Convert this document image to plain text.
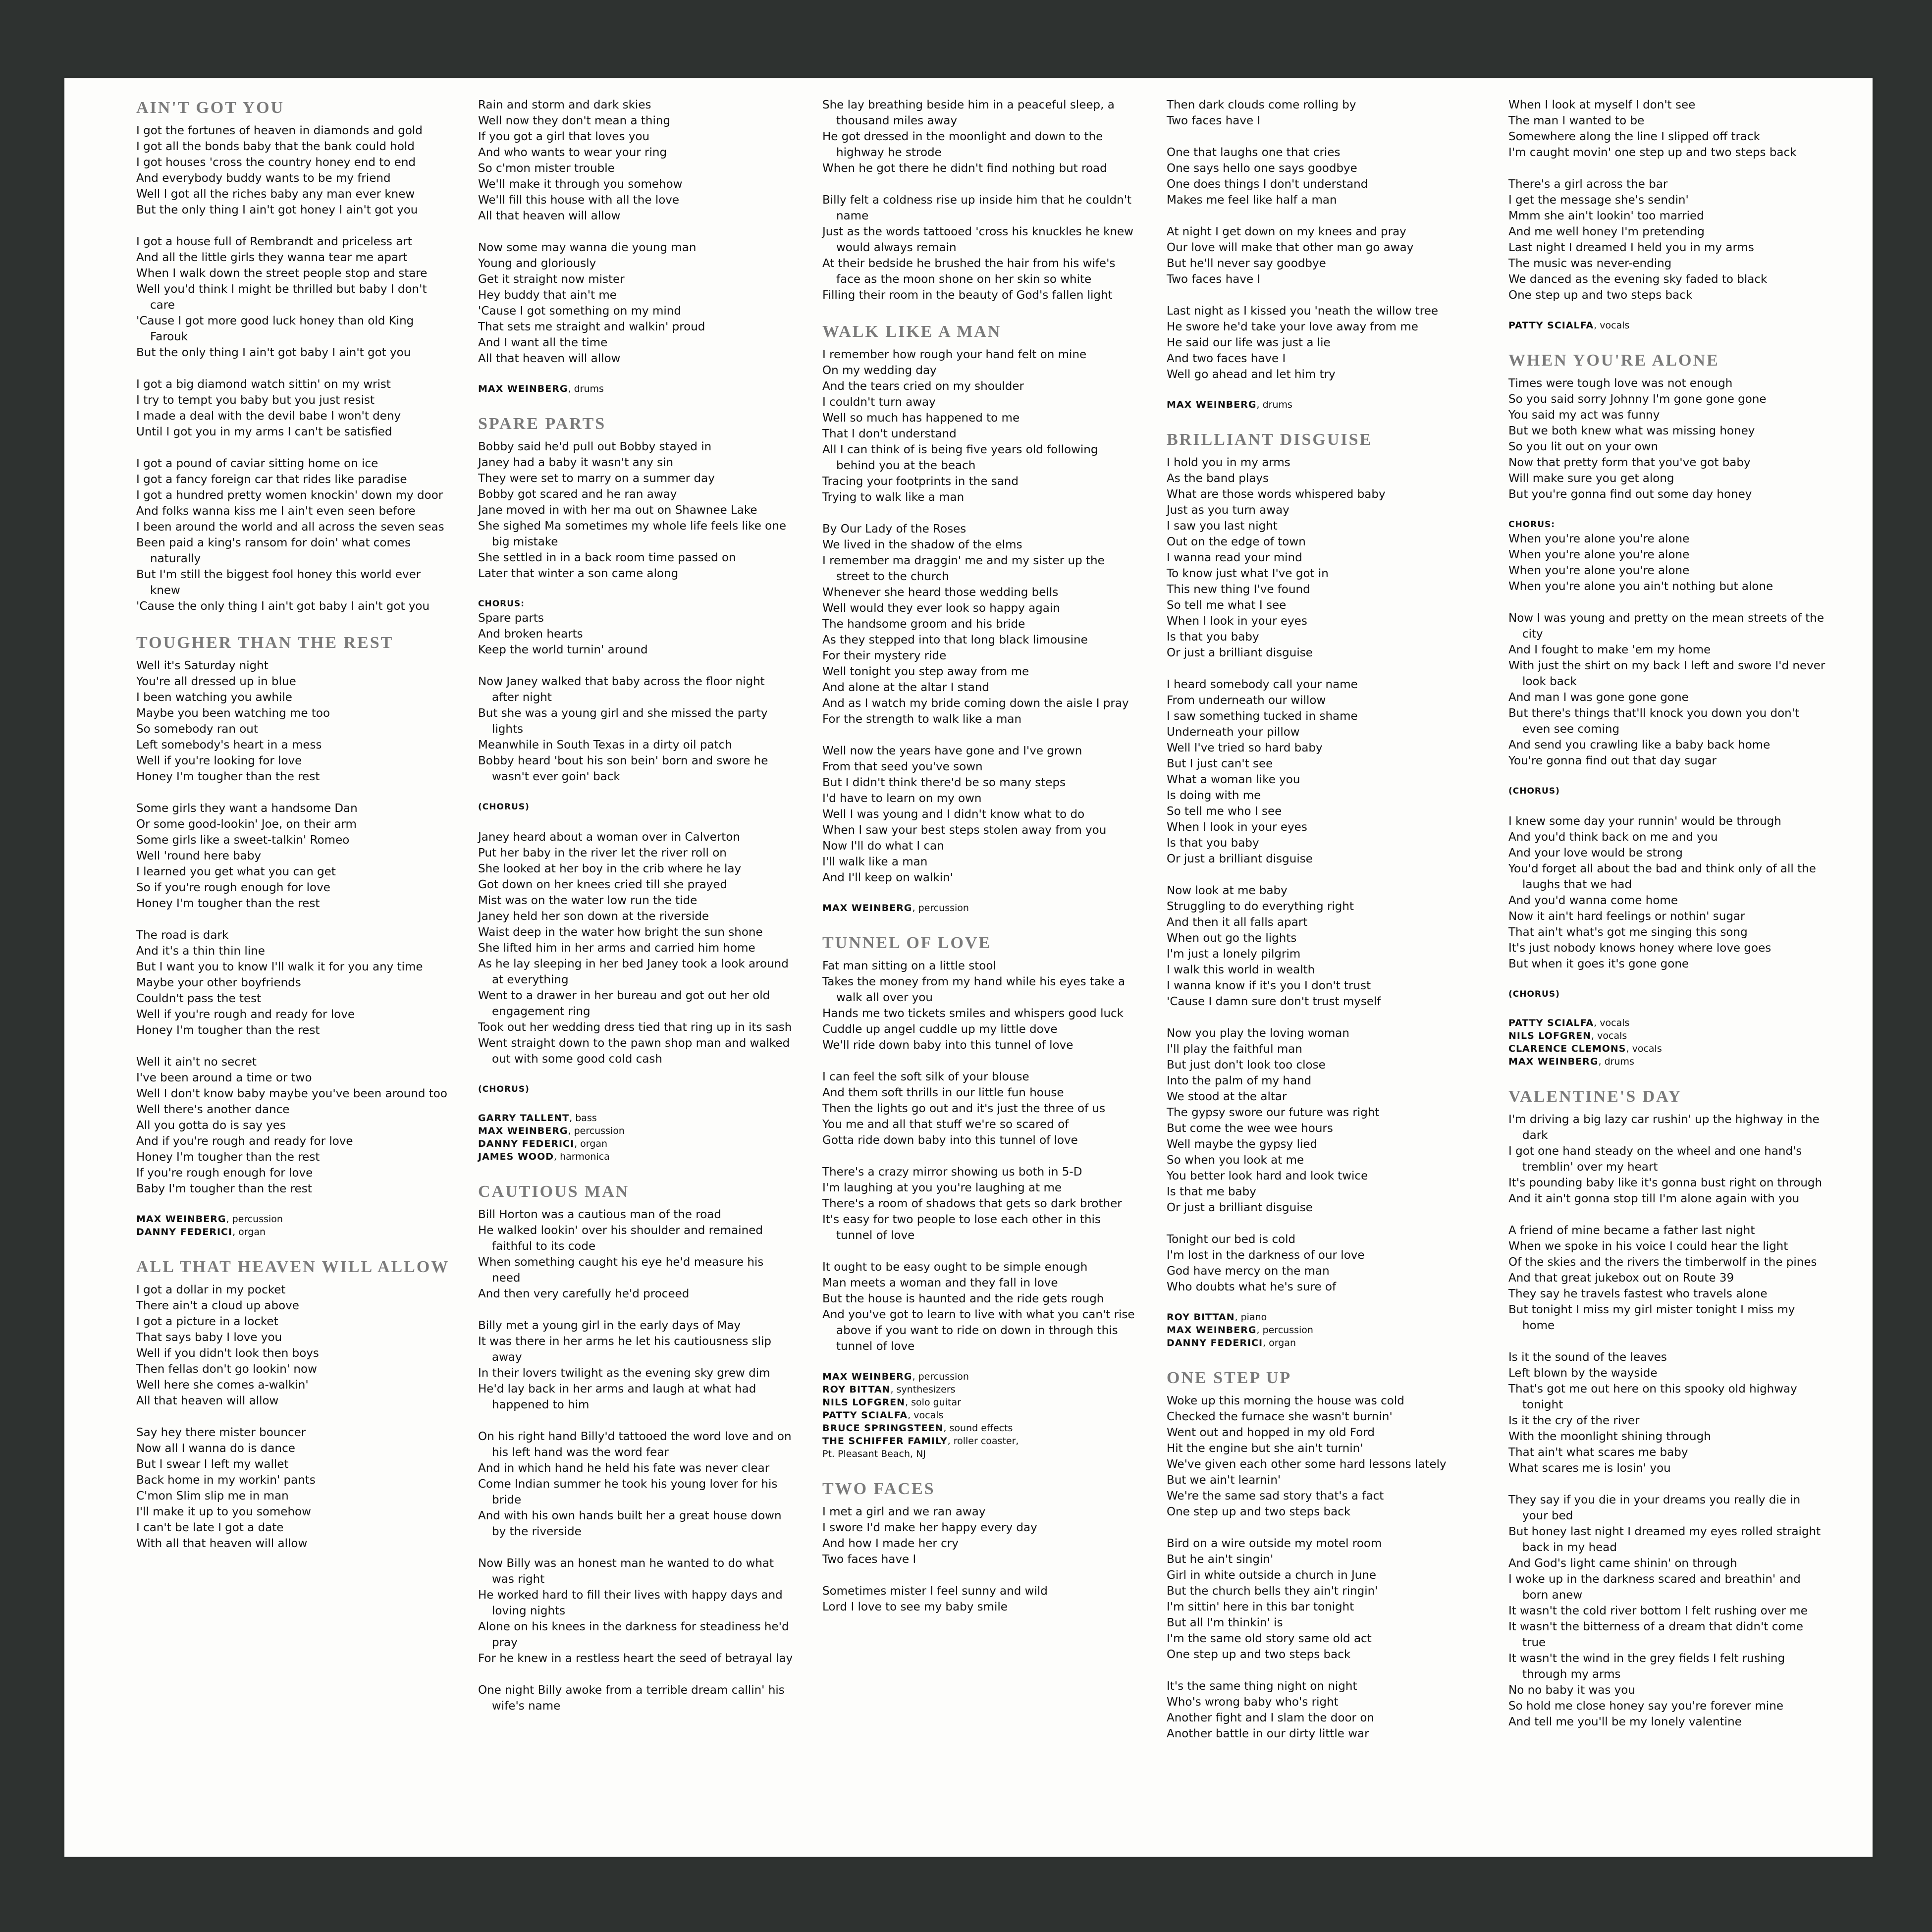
AIN'T GOT YOU
I got the fortunes of heaven in diamonds and gold
I got all the bonds baby that the bank could hold
I got houses 'cross the country honey end to end
And everybody buddy wants to be my friend
Well I got all the riches baby any man ever knew
But the only thing I ain't got honey I ain't got you
I got a house full of Rembrandt and priceless art
And all the little girls they wanna tear me apart
When I walk down the street people stop and stare
Well you'd think I might be thrilled but baby I don't care
'Cause I got more good luck honey than old King Farouk
But the only thing I ain't got baby I ain't got you
I got a big diamond watch sittin' on my wrist
I try to tempt you baby but you just resist
I made a deal with the devil babe I won't deny
Until I got you in my arms I can't be satisfied
I got a pound of caviar sitting home on ice
I got a fancy foreign car that rides like paradise
I got a hundred pretty women knockin' down my door
And folks wanna kiss me I ain't even seen before
I been around the world and all across the seven seas
Been paid a king's ransom for doin' what comes naturally
But I'm still the biggest fool honey this world ever knew
'Cause the only thing I ain't got baby I ain't got you
TOUGHER THAN THE REST
Well it's Saturday night
You're all dressed up in blue
I been watching you awhile
Maybe you been watching me too
So somebody ran out
Left somebody's heart in a mess
Well if you're looking for love
Honey I'm tougher than the rest
Some girls they want a handsome Dan
Or some good-lookin' Joe, on their arm
Some girls like a sweet-talkin' Romeo
Well 'round here baby
I learned you get what you can get
So if you're rough enough for love
Honey I'm tougher than the rest
The road is dark
And it's a thin thin line
But I want you to know I'll walk it for you any time
Maybe your other boyfriends
Couldn't pass the test
Well if you're rough and ready for love
Honey I'm tougher than the rest
Well it ain't no secret
I've been around a time or two
Well I don't know baby maybe you've been around too
Well there's another dance
All you gotta do is say yes
And if you're rough and ready for love
Honey I'm tougher than the rest
If you're rough enough for love
Baby I'm tougher than the rest
MAX WEINBERG, percussion
DANNY FEDERICI, organ
ALL THAT HEAVEN WILL ALLOW
I got a dollar in my pocket
There ain't a cloud up above
I got a picture in a locket
That says baby I love you
Well if you didn't look then boys
Then fellas don't go lookin' now
Well here she comes a-walkin'
All that heaven will allow
Say hey there mister bouncer
Now all I wanna do is dance
But I swear I left my wallet
Back home in my workin' pants
C'mon Slim slip me in man
I'll make it up to you somehow
I can't be late I got a date
With all that heaven will allow
Rain and storm and dark skies
Well now they don't mean a thing
If you got a girl that loves you
And who wants to wear your ring
So c'mon mister trouble
We'll make it through you somehow
We'll fill this house with all the love
All that heaven will allow
Now some may wanna die young man
Young and gloriously
Get it straight now mister
Hey buddy that ain't me
'Cause I got something on my mind
That sets me straight and walkin' proud
And I want all the time
All that heaven will allow
MAX WEINBERG, drums
SPARE PARTS
Bobby said he'd pull out Bobby stayed in
Janey had a baby it wasn't any sin
They were set to marry on a summer day
Bobby got scared and he ran away
Jane moved in with her ma out on Shawnee Lake
She sighed Ma sometimes my whole life feels like one big mistake
She settled in in a back room time passed on
Later that winter a son came along
CHORUS:
Spare parts
And broken hearts
Keep the world turnin' around
Now Janey walked that baby across the floor night after night
But she was a young girl and she missed the party lights
Meanwhile in South Texas in a dirty oil patch
Bobby heard 'bout his son bein' born and swore he wasn't ever goin' back
(CHORUS)
Janey heard about a woman over in Calverton
Put her baby in the river let the river roll on
She looked at her boy in the crib where he lay
Got down on her knees cried till she prayed
Mist was on the water low run the tide
Janey held her son down at the riverside
Waist deep in the water how bright the sun shone
She lifted him in her arms and carried him home
As he lay sleeping in her bed Janey took a look around at everything
Went to a drawer in her bureau and got out her old engagement ring
Took out her wedding dress tied that ring up in its sash
Went straight down to the pawn shop man and walked out with some good cold cash
(CHORUS)
GARRY TALLENT, bass
MAX WEINBERG, percussion
DANNY FEDERICI, organ
JAMES WOOD, harmonica
CAUTIOUS MAN
Bill Horton was a cautious man of the road
He walked lookin' over his shoulder and remained faithful to its code
When something caught his eye he'd measure his need
And then very carefully he'd proceed
Billy met a young girl in the early days of May
It was there in her arms he let his cautiousness slip away
In their lovers twilight as the evening sky grew dim
He'd lay back in her arms and laugh at what had happened to him
On his right hand Billy'd tattooed the word love and on his left hand was the word fear
And in which hand he held his fate was never clear
Come Indian summer he took his young lover for his bride
And with his own hands built her a great house down by the riverside
Now Billy was an honest man he wanted to do what was right
He worked hard to fill their lives with happy days and loving nights
Alone on his knees in the darkness for steadiness he'd pray
For he knew in a restless heart the seed of betrayal lay
One night Billy awoke from a terrible dream callin' his wife's name
She lay breathing beside him in a peaceful sleep, a thousand miles away
He got dressed in the moonlight and down to the highway he strode
When he got there he didn't find nothing but road
Billy felt a coldness rise up inside him that he couldn't name
Just as the words tattooed 'cross his knuckles he knew would always remain
At their bedside he brushed the hair from his wife's face as the moon shone on her skin so white
Filling their room in the beauty of God's fallen light
WALK LIKE A MAN
I remember how rough your hand felt on mine
On my wedding day
And the tears cried on my shoulder
I couldn't turn away
Well so much has happened to me
That I don't understand
All I can think of is being five years old following behind you at the beach
Tracing your footprints in the sand
Trying to walk like a man
By Our Lady of the Roses
We lived in the shadow of the elms
I remember ma draggin' me and my sister up the street to the church
Whenever she heard those wedding bells
Well would they ever look so happy again
The handsome groom and his bride
As they stepped into that long black limousine
For their mystery ride
Well tonight you step away from me
And alone at the altar I stand
And as I watch my bride coming down the aisle I pray
For the strength to walk like a man
Well now the years have gone and I've grown
From that seed you've sown
But I didn't think there'd be so many steps
I'd have to learn on my own
Well I was young and I didn't know what to do
When I saw your best steps stolen away from you
Now I'll do what I can
I'll walk like a man
And I'll keep on walkin'
MAX WEINBERG, percussion
TUNNEL OF LOVE
Fat man sitting on a little stool
Takes the money from my hand while his eyes take a walk all over you
Hands me two tickets smiles and whispers good luck
Cuddle up angel cuddle up my little dove
We'll ride down baby into this tunnel of love
I can feel the soft silk of your blouse
And them soft thrills in our little fun house
Then the lights go out and it's just the three of us
You me and all that stuff we're so scared of
Gotta ride down baby into this tunnel of love
There's a crazy mirror showing us both in 5-D
I'm laughing at you you're laughing at me
There's a room of shadows that gets so dark brother
It's easy for two people to lose each other in this tunnel of love
It ought to be easy ought to be simple enough
Man meets a woman and they fall in love
But the house is haunted and the ride gets rough
And you've got to learn to live with what you can't rise above if you want to ride on down in through this tunnel of love
MAX WEINBERG, percussion
ROY BITTAN, synthesizers
NILS LOFGREN, solo guitar
PATTY SCIALFA, vocals
BRUCE SPRINGSTEEN, sound effects
THE SCHIFFER FAMILY, roller coaster,
Pt. Pleasant Beach, NJ
TWO FACES
I met a girl and we ran away
I swore I'd make her happy every day
And how I made her cry
Two faces have I
Sometimes mister I feel sunny and wild
Lord I love to see my baby smile
Then dark clouds come rolling by
Two faces have I
One that laughs one that cries
One says hello one says goodbye
One does things I don't understand
Makes me feel like half a man
At night I get down on my knees and pray
Our love will make that other man go away
But he'll never say goodbye
Two faces have I
Last night as I kissed you 'neath the willow tree
He swore he'd take your love away from me
He said our life was just a lie
And two faces have I
Well go ahead and let him try
MAX WEINBERG, drums
BRILLIANT DISGUISE
I hold you in my arms
As the band plays
What are those words whispered baby
Just as you turn away
I saw you last night
Out on the edge of town
I wanna read your mind
To know just what I've got in
This new thing I've found
So tell me what I see
When I look in your eyes
Is that you baby
Or just a brilliant disguise
I heard somebody call your name
From underneath our willow
I saw something tucked in shame
Underneath your pillow
Well I've tried so hard baby
But I just can't see
What a woman like you
Is doing with me
So tell me who I see
When I look in your eyes
Is that you baby
Or just a brilliant disguise
Now look at me baby
Struggling to do everything right
And then it all falls apart
When out go the lights
I'm just a lonely pilgrim
I walk this world in wealth
I wanna know if it's you I don't trust
'Cause I damn sure don't trust myself
Now you play the loving woman
I'll play the faithful man
But just don't look too close
Into the palm of my hand
We stood at the altar
The gypsy swore our future was right
But come the wee wee hours
Well maybe the gypsy lied
So when you look at me
You better look hard and look twice
Is that me baby
Or just a brilliant disguise
Tonight our bed is cold
I'm lost in the darkness of our love
God have mercy on the man
Who doubts what he's sure of
ROY BITTAN, piano
MAX WEINBERG, percussion
DANNY FEDERICI, organ
ONE STEP UP
Woke up this morning the house was cold
Checked the furnace she wasn't burnin'
Went out and hopped in my old Ford
Hit the engine but she ain't turnin'
We've given each other some hard lessons lately
But we ain't learnin'
We're the same sad story that's a fact
One step up and two steps back
Bird on a wire outside my motel room
But he ain't singin'
Girl in white outside a church in June
But the church bells they ain't ringin'
I'm sittin' here in this bar tonight
But all I'm thinkin' is
I'm the same old story same old act
One step up and two steps back
It's the same thing night on night
Who's wrong baby who's right
Another fight and I slam the door on
Another battle in our dirty little war
When I look at myself I don't see
The man I wanted to be
Somewhere along the line I slipped off track
I'm caught movin' one step up and two steps back
There's a girl across the bar
I get the message she's sendin'
Mmm she ain't lookin' too married
And me well honey I'm pretending
Last night I dreamed I held you in my arms
The music was never-ending
We danced as the evening sky faded to black
One step up and two steps back
PATTY SCIALFA, vocals
WHEN YOU'RE ALONE
Times were tough love was not enough
So you said sorry Johnny I'm gone gone gone
You said my act was funny
But we both knew what was missing honey
So you lit out on your own
Now that pretty form that you've got baby
Will make sure you get along
But you're gonna find out some day honey
CHORUS:
When you're alone you're alone
When you're alone you're alone
When you're alone you're alone
When you're alone you ain't nothing but alone
Now I was young and pretty on the mean streets of the city
And I fought to make 'em my home
With just the shirt on my back I left and swore I'd never look back
And man I was gone gone gone
But there's things that'll knock you down you don't even see coming
And send you crawling like a baby back home
You're gonna find out that day sugar
(CHORUS)
I knew some day your runnin' would be through
And you'd think back on me and you
And your love would be strong
You'd forget all about the bad and think only of all the laughs that we had
And you'd wanna come home
Now it ain't hard feelings or nothin' sugar
That ain't what's got me singing this song
It's just nobody knows honey where love goes
But when it goes it's gone gone
(CHORUS)
PATTY SCIALFA, vocals
NILS LOFGREN, vocals
CLARENCE CLEMONS, vocals
MAX WEINBERG, drums
VALENTINE'S DAY
I'm driving a big lazy car rushin' up the highway in the dark
I got one hand steady on the wheel and one hand's tremblin' over my heart
It's pounding baby like it's gonna bust right on through
And it ain't gonna stop till I'm alone again with you
A friend of mine became a father last night
When we spoke in his voice I could hear the light
Of the skies and the rivers the timberwolf in the pines
And that great jukebox out on Route 39
They say he travels fastest who travels alone
But tonight I miss my girl mister tonight I miss my home
Is it the sound of the leaves
Left blown by the wayside
That's got me out here on this spooky old highway tonight
Is it the cry of the river
With the moonlight shining through
That ain't what scares me baby
What scares me is losin' you
They say if you die in your dreams you really die in your bed
But honey last night I dreamed my eyes rolled straight back in my head
And God's light came shinin' on through
I woke up in the darkness scared and breathin' and born anew
It wasn't the cold river bottom I felt rushing over me
It wasn't the bitterness of a dream that didn't come true
It wasn't the wind in the grey fields I felt rushing through my arms
No no baby it was you
So hold me close honey say you're forever mine
And tell me you'll be my lonely valentine
